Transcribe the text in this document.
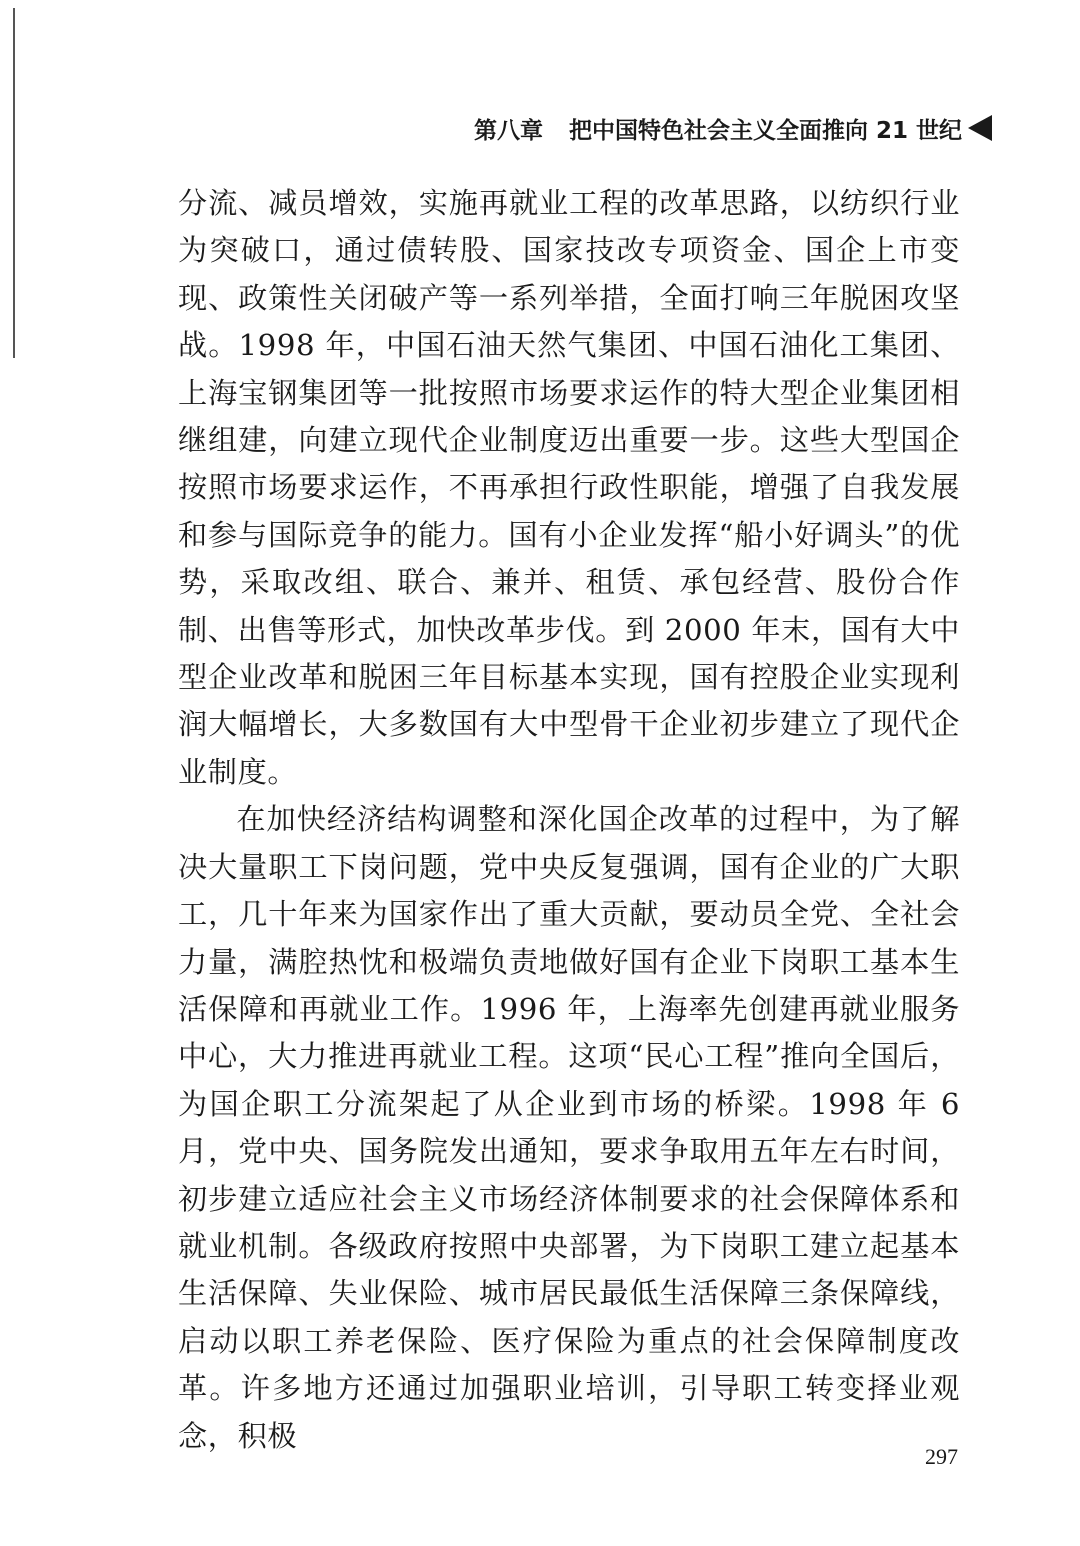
第八章 把中国特色社会主义全面推向 21 世纪

分流、减员增效，实施再就业工程的改革思路，以纺织行业为突破口，通过债转股、国家技改专项资金、国企上市变现、政策性关闭破产等一系列举措，全面打响三年脱困攻坚战。1998 年，中国石油天然气集团、中国石油化工集团、上海宝钢集团等一批按照市场要求运作的特大型企业集团相继组建，向建立现代企业制度迈出重要一步。这些大型国企按照市场要求运作，不再承担行政性职能，增强了自我发展和参与国际竞争的能力。国有小企业发挥“船小好调头”的优势，采取改组、联合、兼并、租赁、承包经营、股份合作制、出售等形式，加快改革步伐。到 2000 年末，国有大中型企业改革和脱困三年目标基本实现，国有控股企业实现利润大幅增长，大多数国有大中型骨干企业初步建立了现代企业制度。

在加快经济结构调整和深化国企改革的过程中，为了解决大量职工下岗问题，党中央反复强调，国有企业的广大职工，几十年来为国家作出了重大贡献，要动员全党、全社会力量，满腔热忱和极端负责地做好国有企业下岗职工基本生活保障和再就业工作。1996 年，上海率先创建再就业服务中心，大力推进再就业工程。这项“民心工程”推向全国后，为国企职工分流架起了从企业到市场的桥梁。1998 年 6 月，党中央、国务院发出通知，要求争取用五年左右时间，初步建立适应社会主义市场经济体制要求的社会保障体系和就业机制。各级政府按照中央部署，为下岗职工建立起基本生活保障、失业保险、城市居民最低生活保障三条保障线，启动以职工养老保险、医疗保险为重点的社会保障制度改革。许多地方还通过加强职业培训，引导职工转变择业观念，积极

297
